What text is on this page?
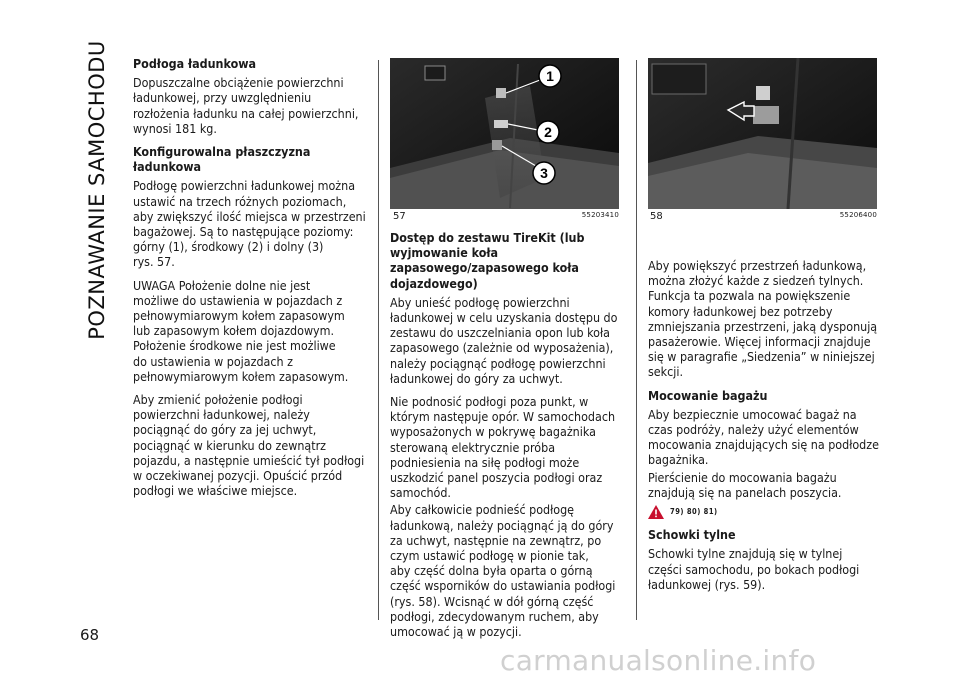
POZNAWANIE SAMOCHODU
68
Podłoga ładunkowa

Dopuszczalne obciążenie powierzchni
ładunkowej, przy uwzględnieniu
rozłożenia ładunku na całej powierzchni,
wynosi 181 kg.

Konfigurowalna płaszczyzna ładunkowa

Podłogę powierzchni ładunkowej można
ustawić na trzech różnych poziomach,
aby zwiększyć ilość miejsca w przestrzeni
bagażowej. Są to następujące poziomy:
górny (1), środkowy (2) i dolny (3)
rys. 57.

UWAGA Położenie dolne nie jest
możliwe do ustawienia w pojazdach z
pełnowymiarowym kołem zapasowym
lub zapasowym kołem dojazdowym.
Położenie środkowe nie jest możliwe
do ustawienia w pojazdach z
pełnowymiarowym kołem zapasowym.

Aby zmienić położenie podłogi
powierzchni ładunkowej, należy
pociągnąć do góry za jej uchwyt,
pociągnąć w kierunku do zewnątrz
pojazdu, a następnie umieścić tył podłogi
w oczekiwanej pozycji. Opuścić przód
podłogi we właściwe miejsce.

1
2
3
57	55203410	58	55206400
Dostęp do zestawu TireKit (lub wyjmowanie koła zapasowego/zapasowego koła dojazdowego)

Aby unieść podłogę powierzchni
ładunkowej w celu uzyskania dostępu do
zestawu do uszczelniania opon lub koła
zapasowego (zależnie od wyposażenia),
należy pociągnąć podłogę powierzchni
ładunkowej do góry za uchwyt.

Nie podnosić podłogi poza punkt, w
którym następuje opór. W samochodach
wyposażonych w pokrywę bagażnika
sterowaną elektrycznie próba
podniesienia na siłę podłogi może
uszkodzić panel poszycia podłogi oraz
samochód.

Aby całkowicie podnieść podłogę
ładunkową, należy pociągnąć ją do góry
za uchwyt, następnie na zewnątrz, po
czym ustawić podłogę w pionie tak,
aby część dolna była oparta o górną
część wsporników do ustawiania podłogi
(rys. 58). Wcisnąć w dół górną część
podłogi, zdecydowanym ruchem, aby
umocować ją w pozycji.

Aby powiększyć przestrzeń ładunkową,
można złożyć każde z siedzeń tylnych.
Funkcja ta pozwala na powiększenie
komory ładunkowej bez potrzeby
zmniejszania przestrzeni, jaką dysponują
pasażerowie. Więcej informacji znajduje
się w paragrafie „Siedzenia” w niniejszej
sekcji.

Mocowanie bagażu

Aby bezpiecznie umocować bagaż na
czas podróży, należy użyć elementów
mocowania znajdujących się na podłodze
bagażnika.

Pierścienie do mocowania bagażu
znajdują się na panelach poszycia.

79) 80) 81)
Schowki tylne

Schowki tylne znajdują się w tylnej
części samochodu, po bokach podłogi
ładunkowej (rys. 59).

carmanualsonline.info
